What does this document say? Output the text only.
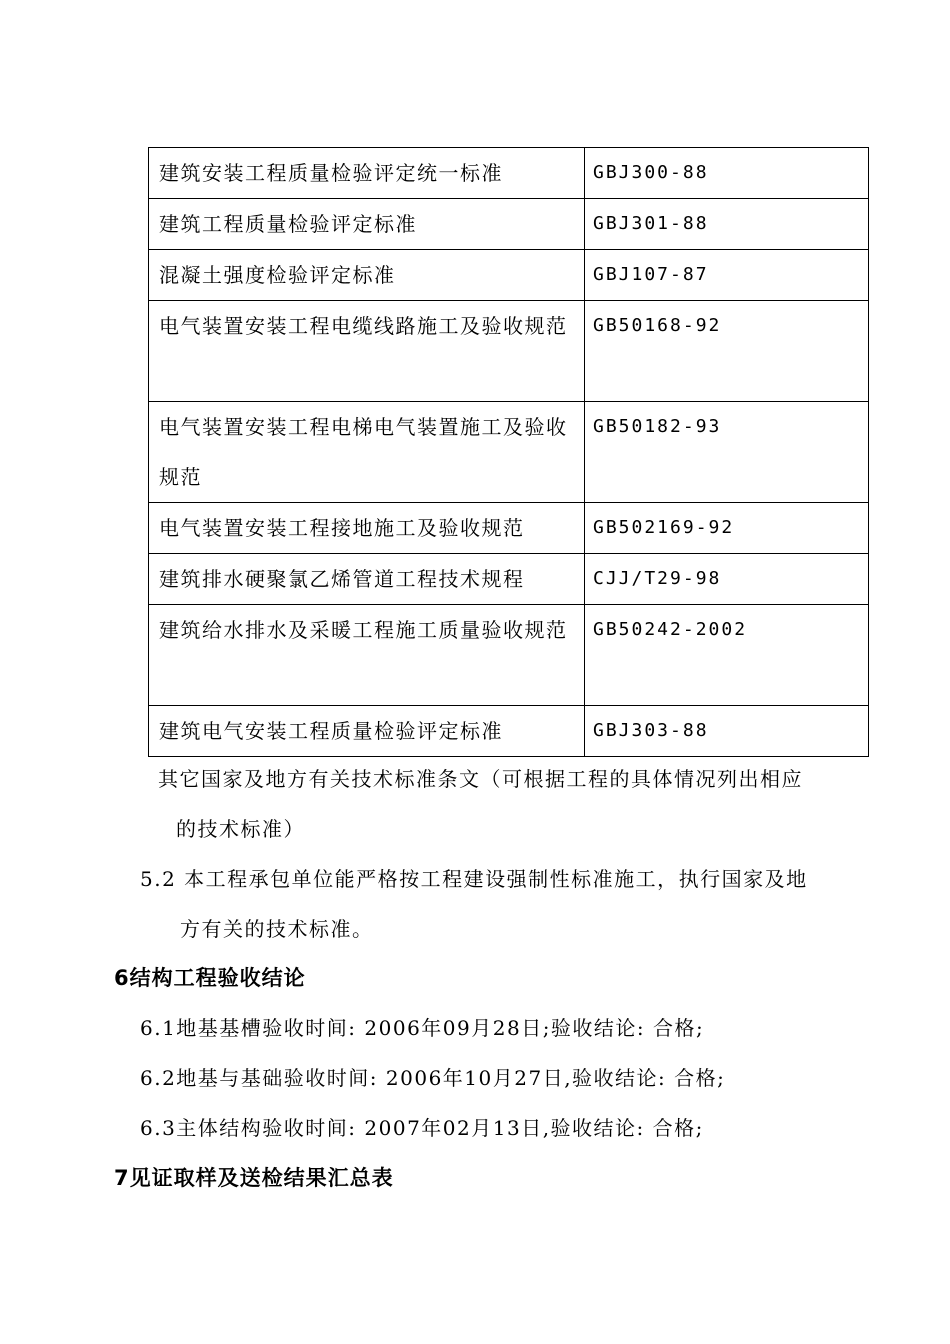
建筑安装工程质量检验评定统一标准	GBJ300-88

建筑工程质量检验评定标准	GBJ301-88

混凝土强度检验评定标准	GBJ107-87

电气装置安装工程电缆线路施工及验收规范	GB50168-92

电气装置安装工程电梯电气装置施工及验收规范	GB50182-93

电气装置安装工程接地施工及验收规范	GB502169-92

建筑排水硬聚氯乙烯管道工程技术规程	CJJ/T29-98

建筑给水排水及采暖工程施工质量验收规范	GB50242-2002

建筑电气安装工程质量检验评定标准	GBJ303-88
其它国家及地方有关技术标准条文（可根据工程的具体情况列出相应
的技术标准）
5.2 本工程承包单位能严格按工程建设强制性标准施工，执行国家及地
方有关的技术标准。
6结构工程验收结论
6.1地基基槽验收时间: 2006年09月28日;验收结论: 合格;
6.2地基与基础验收时间: 2006年10月27日,验收结论: 合格;
6.3主体结构验收时间: 2007年02月13日,验收结论: 合格;
7见证取样及送检结果汇总表
